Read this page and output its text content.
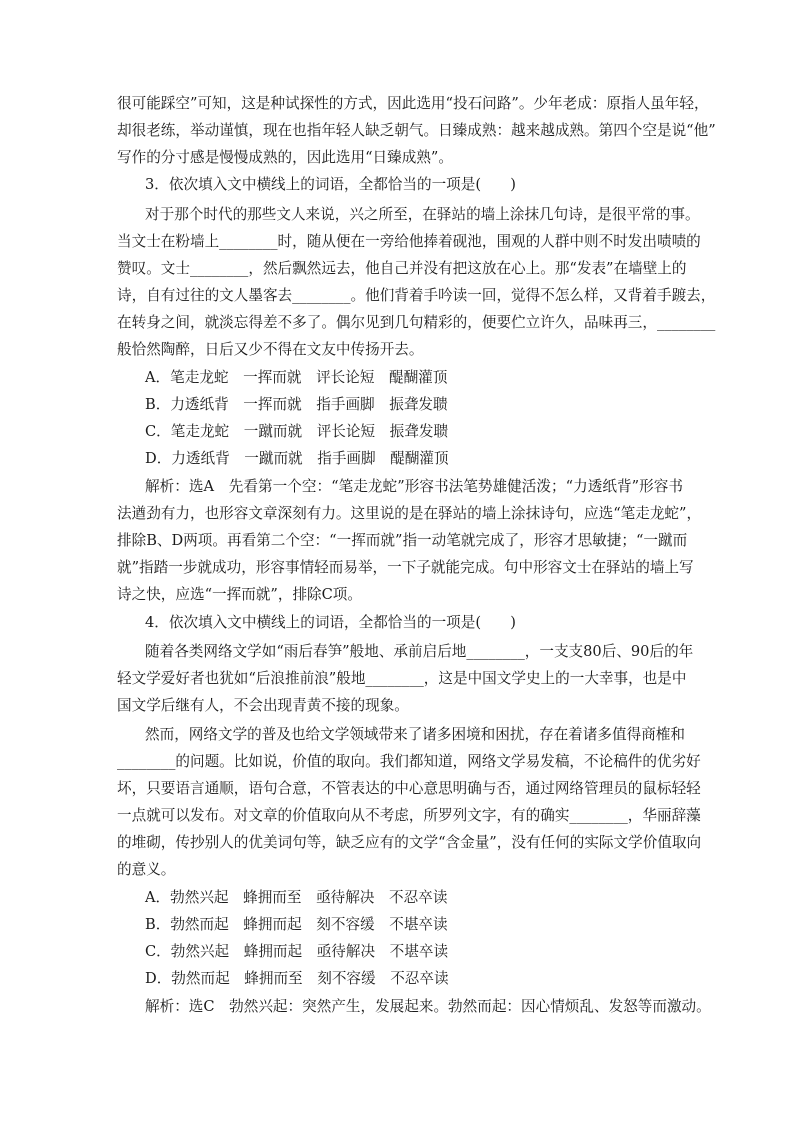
很可能踩空”可知，这是种试探性的方式，因此选用“投石问路”。少年老成：原指人虽年轻，
却很老练，举动谨慎，现在也指年轻人缺乏朝气。日臻成熟：越来越成熟。第四个空是说“他”
写作的分寸感是慢慢成熟的，因此选用“日臻成熟”。
3．依次填入文中横线上的词语，全都恰当的一项是(　　)
对于那个时代的那些文人来说，兴之所至，在驿站的墙上涂抹几句诗，是很平常的事。
当文士在粉墙上________时，随从便在一旁给他捧着砚池，围观的人群中则不时发出啧啧的
赞叹。文士________，然后飘然远去，他自己并没有把这放在心上。那“发表”在墙壁上的
诗，自有过往的文人墨客去________。他们背着手吟读一回，觉得不怎么样，又背着手踱去，
在转身之间，就淡忘得差不多了。偶尔见到几句精彩的，便要伫立许久，品味再三，________
般恰然陶醉，日后又少不得在文友中传扬开去。
A．笔走龙蛇　一挥而就　评长论短　醍醐灌顶
B．力透纸背　一挥而就　指手画脚　振聋发聩
C．笔走龙蛇　一蹴而就　评长论短　振聋发聩
D．力透纸背　一蹴而就　指手画脚　醍醐灌顶
解析：选A　先看第一个空：“笔走龙蛇”形容书法笔势雄健活泼；“力透纸背”形容书
法遒劲有力，也形容文章深刻有力。这里说的是在驿站的墙上涂抹诗句，应选“笔走龙蛇”，
排除B、D两项。再看第二个空：“一挥而就”指一动笔就完成了，形容才思敏捷；“一蹴而
就”指踏一步就成功，形容事情轻而易举，一下子就能完成。句中形容文士在驿站的墙上写
诗之快，应选“一挥而就”，排除C项。
4．依次填入文中横线上的词语，全都恰当的一项是(　　)
随着各类网络文学如“雨后春笋”般地、承前启后地________，一支支80后、90后的年
轻文学爱好者也犹如“后浪推前浪”般地________，这是中国文学史上的一大幸事，也是中
国文学后继有人，不会出现青黄不接的现象。
然而，网络文学的普及也给文学领域带来了诸多困境和困扰，存在着诸多值得商榷和
________的问题。比如说，价值的取向。我们都知道，网络文学易发稿，不论稿件的优劣好
坏，只要语言通顺，语句合意，不管表达的中心意思明确与否，通过网络管理员的鼠标轻轻
一点就可以发布。对文章的价值取向从不考虑，所罗列文字，有的确实________，华丽辞藻
的堆砌，传抄别人的优美词句等，缺乏应有的文学“含金量”，没有任何的实际文学价值取向
的意义。
A．勃然兴起　蜂拥而至　亟待解决　不忍卒读
B．勃然而起　蜂拥而起　刻不容缓　不堪卒读
C．勃然兴起　蜂拥而起　亟待解决　不堪卒读
D．勃然而起　蜂拥而至　刻不容缓　不忍卒读
解析：选C　勃然兴起：突然产生，发展起来。勃然而起：因心情烦乱、发怒等而激动。
